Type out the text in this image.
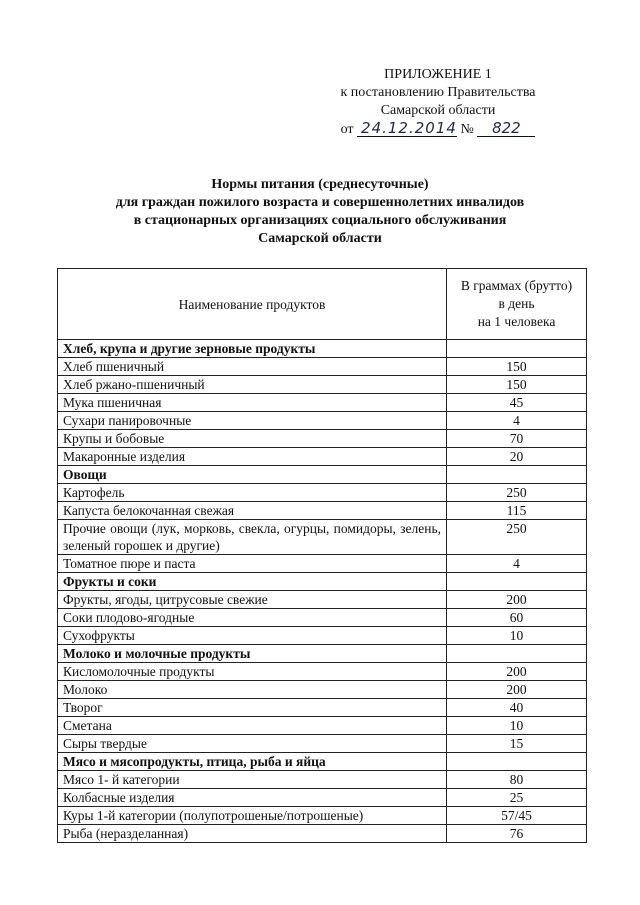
ПРИЛОЖЕНИЕ 1
к постановлению Правительства
Самарской области
от 24.12.2014 № 822
Нормы питания (среднесуточные)
для граждан пожилого возраста и совершеннолетних инвалидов
в стационарных организациях социального обслуживания
Самарской области
Наименование продуктов	В граммах (брутто)
в день
на 1 человека
Хлеб, крупа и другие зерновые продукты	
Хлеб пшеничный	150
Хлеб ржано-пшеничный	150
Мука пшеничная	45
Сухари панировочные	4
Крупы и бобовые	70
Макаронные изделия	20
Овощи	
Картофель	250
Капуста белокочанная свежая	115
Прочие овощи (лук, морковь, свекла, огурцы, помидоры, зелень, зеленый горошек и другие)	250
Томатное пюре и паста	4
Фрукты и соки	
Фрукты, ягоды, цитрусовые свежие	200
Соки плодово-ягодные	60
Сухофрукты	10
Молоко и молочные продукты	
Кисломолочные продукты	200
Молоко	200
Творог	40
Сметана	10
Сыры твердые	15
Мясо и мясопродукты, птица, рыба и яйца	
Мясо 1- й категории	80
Колбасные изделия	25
Куры 1-й категории (полупотрошеные/потрошеные)	57/45
Рыба (неразделанная)	76
